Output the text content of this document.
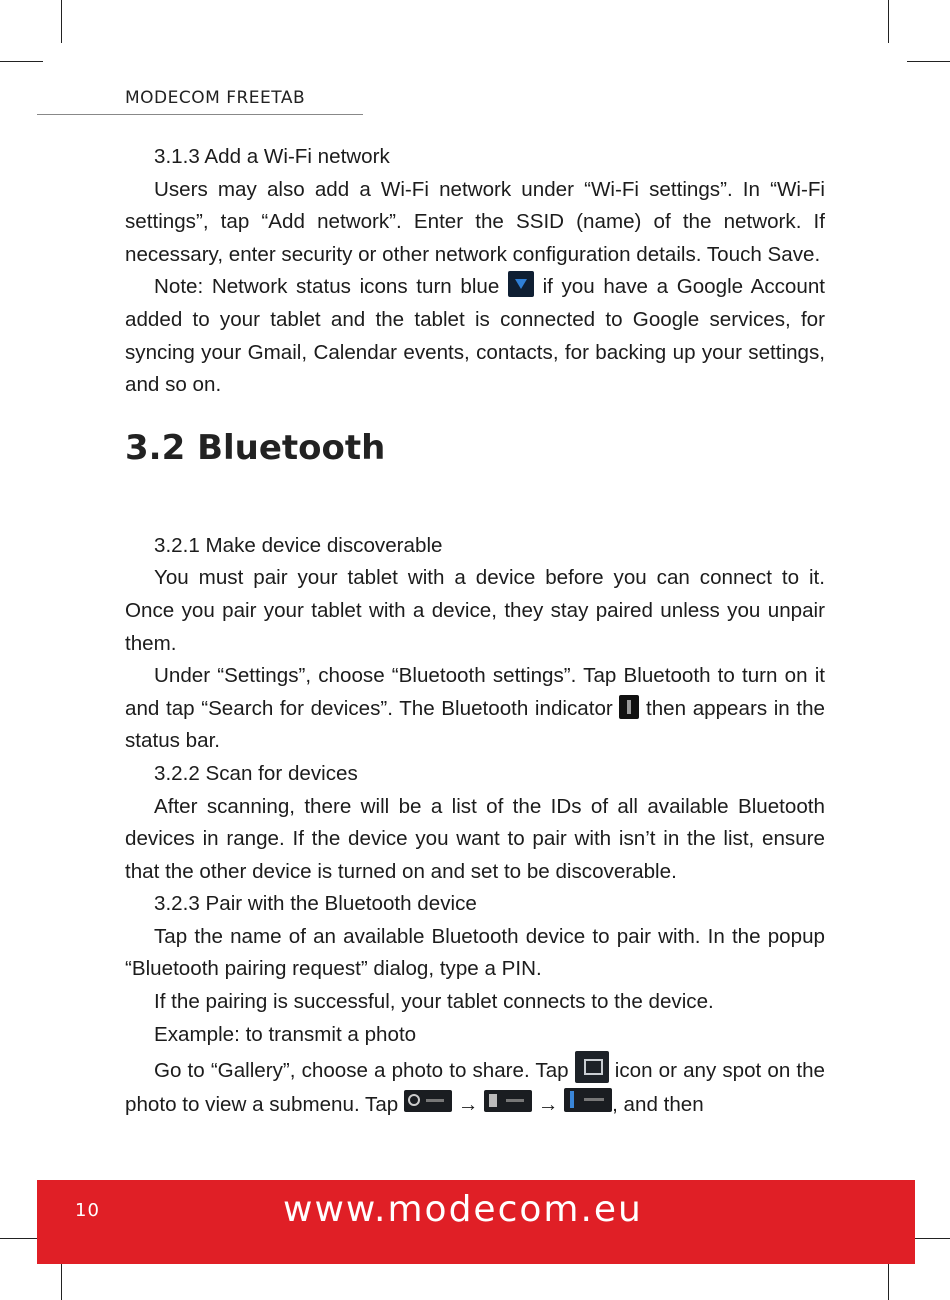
MODECOM FREETAB

3.1.3 Add a Wi-Fi network

Users may also add a Wi-Fi network under “Wi-Fi settings”. In “Wi-Fi settings”, tap “Add network”. Enter the SSID (name) of the network. If necessary, enter security or other network configuration details. Touch Save.

Note: Network status icons turn blue  if you have a Google Account added to your tablet and the tablet is connected to Google services, for syncing your Gmail, Calendar events, contacts, for backing up your settings, and so on.

3.2 Bluetooth

3.2.1 Make device discoverable

You must pair your tablet with a device before you can connect to it. Once you pair your tablet with a device, they stay paired unless you unpair them.

Under “Settings”, choose “Bluetooth settings”. Tap Bluetooth to turn on it and tap “Search for devices”. The Bluetooth indicator  then appears in the status bar.

3.2.2 Scan for devices

After scanning, there will be a list of the IDs of all available Bluetooth devices in range. If the device you want to pair with isn’t in the list, ensure that the other device is turned on and set to be discoverable.

3.2.3 Pair with the Bluetooth device

Tap the name of an available Bluetooth device to pair with. In the popup “Bluetooth pairing request” dialog, type a PIN.

If the pairing is successful, your tablet connects to the device.

Example: to transmit a photo

Go to “Gallery”, choose a photo to share. Tap  icon or any spot on the photo to view a submenu. Tap	→	→	, and then

10	www.modecom.eu
